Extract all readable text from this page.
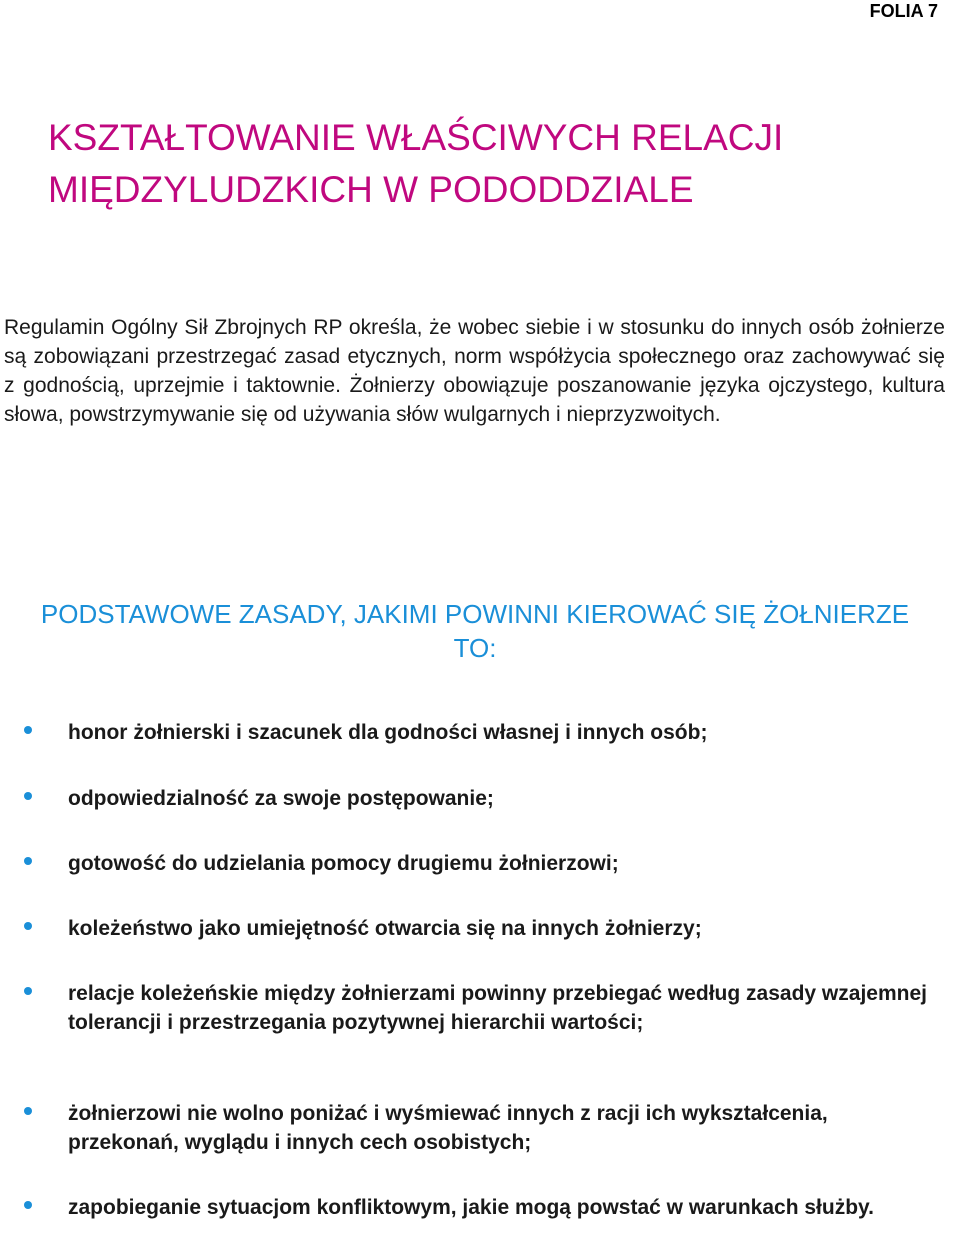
FOLIA 7
KSZTAŁTOWANIE WŁAŚCIWYCH RELACJI MIĘDZYLUDZKICH W PODODDZIALE

Regulamin Ogólny Sił Zbrojnych RP określa, że wobec siebie i w stosunku do innych osób żołnierze są zobowiązani przestrzegać zasad etycznych, norm współżycia społecznego oraz zachowywać się z godnością, uprzejmie i taktownie. Żołnierzy obowiązuje poszanowanie języka ojczystego, kultura słowa, powstrzymywanie się od używania słów wulgarnych i nieprzyzwoitych.

PODSTAWOWE ZASADY, JAKIMI POWINNI KIEROWAĆ SIĘ ŻOŁNIERZE TO:
honor żołnierski i szacunek dla godności własnej i innych osób;
odpowiedzialność za swoje postępowanie;
gotowość do udzielania pomocy drugiemu żołnierzowi;
koleżeństwo jako umiejętność otwarcia się na innych żołnierzy;
relacje koleżeńskie między żołnierzami powinny przebiegać według zasady wzajemnej tolerancji i przestrzegania pozytywnej hierarchii wartości;
żołnierzowi nie wolno poniżać i wyśmiewać innych z racji ich wykształcenia, przekonań, wyglądu i innych cech osobistych;
zapobieganie sytuacjom konfliktowym, jakie mogą powstać w warunkach służby.
